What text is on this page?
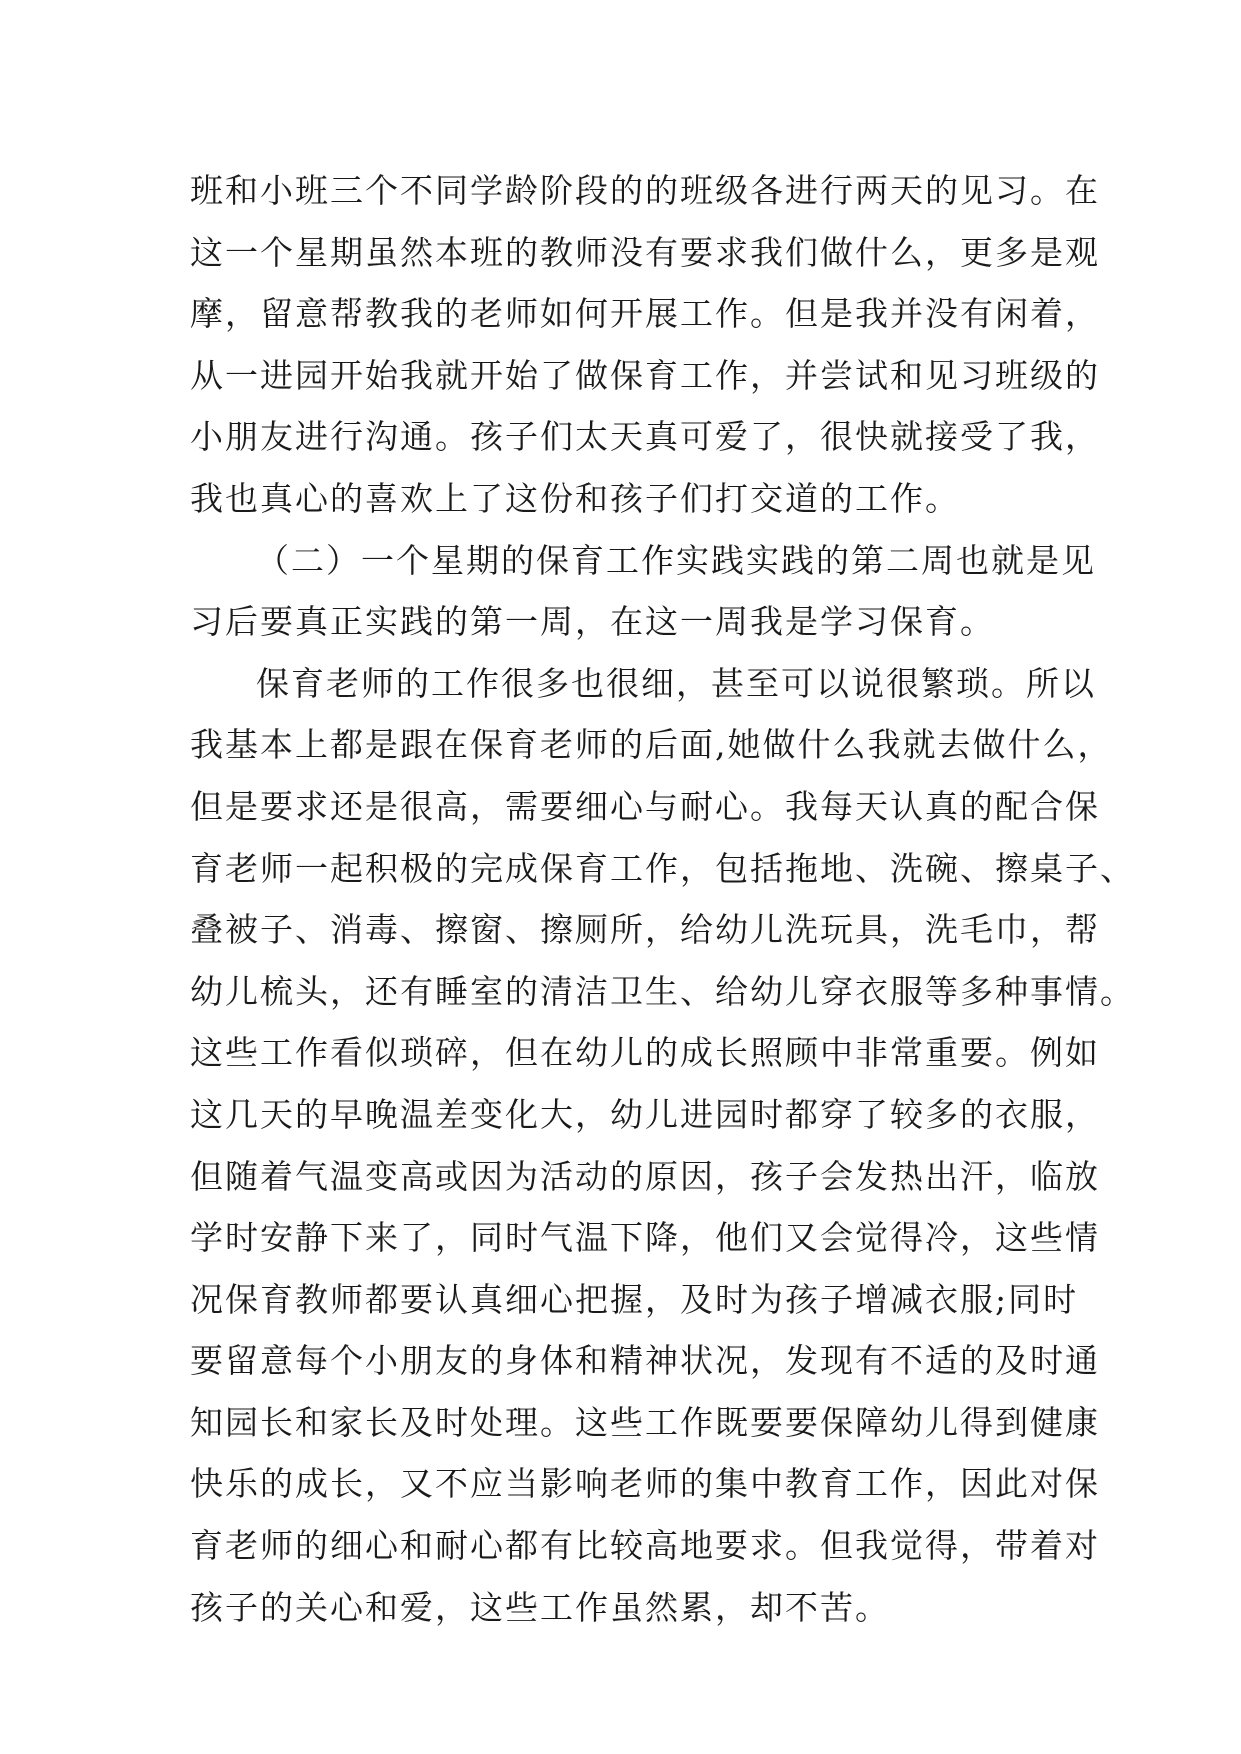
班和小班三个不同学龄阶段的的班级各进行两天的见习。在
这一个星期虽然本班的教师没有要求我们做什么，更多是观
摩，留意帮教我的老师如何开展工作。但是我并没有闲着，
从一进园开始我就开始了做保育工作，并尝试和见习班级的
小朋友进行沟通。孩子们太天真可爱了，很快就接受了我，
我也真心的喜欢上了这份和孩子们打交道的工作。
（二）一个星期的保育工作实践实践的第二周也就是见
习后要真正实践的第一周，在这一周我是学习保育。
保育老师的工作很多也很细，甚至可以说很繁琐。所以
我基本上都是跟在保育老师的后面,她做什么我就去做什么，
但是要求还是很高，需要细心与耐心。我每天认真的配合保
育老师一起积极的完成保育工作，包括拖地、洗碗、擦桌子、
叠被子、消毒、擦窗、擦厕所，给幼儿洗玩具，洗毛巾，帮
幼儿梳头，还有睡室的清洁卫生、给幼儿穿衣服等多种事情。
这些工作看似琐碎，但在幼儿的成长照顾中非常重要。例如
这几天的早晚温差变化大，幼儿进园时都穿了较多的衣服，
但随着气温变高或因为活动的原因，孩子会发热出汗，临放
学时安静下来了，同时气温下降，他们又会觉得冷，这些情
况保育教师都要认真细心把握，及时为孩子增减衣服;同时
要留意每个小朋友的身体和精神状况，发现有不适的及时通
知园长和家长及时处理。这些工作既要要保障幼儿得到健康
快乐的成长，又不应当影响老师的集中教育工作，因此对保
育老师的细心和耐心都有比较高地要求。但我觉得，带着对
孩子的关心和爱，这些工作虽然累，却不苦。
